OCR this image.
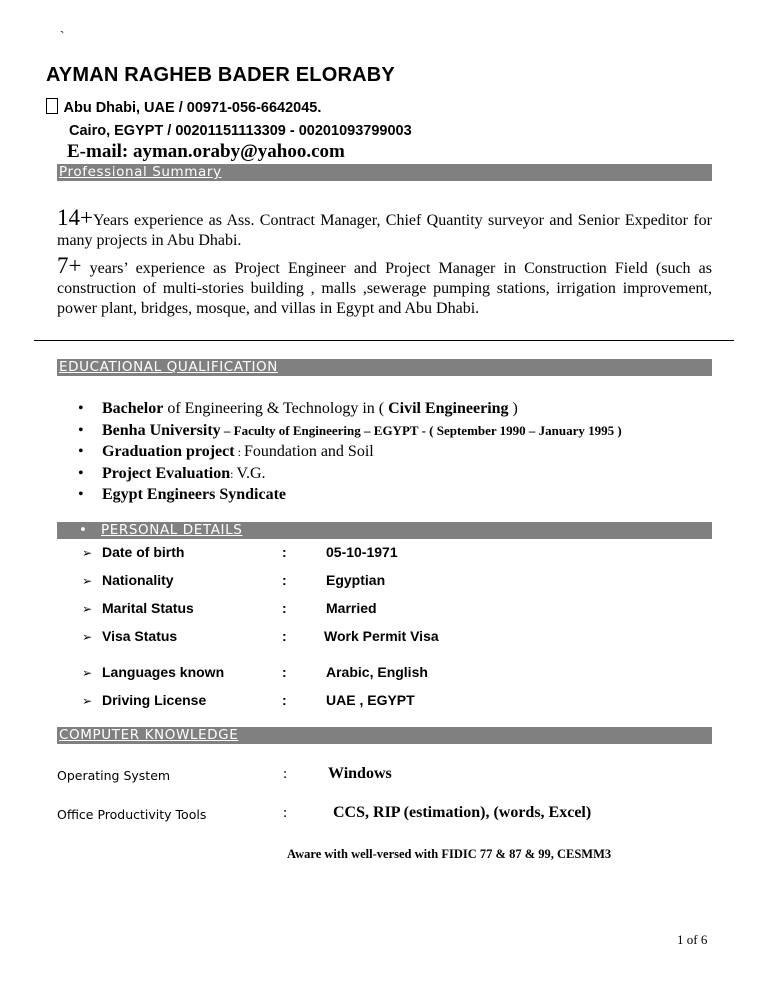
`
AYMAN RAGHEB BADER ELORABY
Abu Dhabi, UAE / 00971-056-6642045.
Cairo, EGYPT / 00201151113309 - 00201093799003
E-mail: ayman.oraby@yahoo.com
Professional Summary
14+Years experience as Ass. Contract Manager, Chief Quantity surveyor and Senior Expeditor for many projects in Abu Dhabi.
7+ years’ experience as Project Engineer and Project Manager in Construction Field (such as construction of multi-stories building , malls ,sewerage pumping stations, irrigation improvement, power plant, bridges, mosque, and villas in Egypt and Abu Dhabi.
EDUCATIONAL QUALIFICATION
• Bachelor of Engineering & Technology in ( Civil Engineering )
• Benha University – Faculty of Engineering – EGYPT - ( September 1990 – January 1995 )
• Graduation project : Foundation and Soil
• Project Evaluation: V.G.
• Egypt Engineers Syndicate
• PERSONAL DETAILS
➢ Date of birth	:	05-10-1971
➢ Nationality	:	Egyptian
➢ Marital Status	:	Married
➢ Visa Status	:	Work Permit Visa
➢ Languages known	:	Arabic, English
➢ Driving License	:	UAE , EGYPT
COMPUTER KNOWLEDGE
Operating System	:	Windows
Office Productivity Tools	:	CCS, RIP (estimation), (words, Excel)
Aware with well-versed with FIDIC 77 & 87 & 99, CESMM3
1 of 6
